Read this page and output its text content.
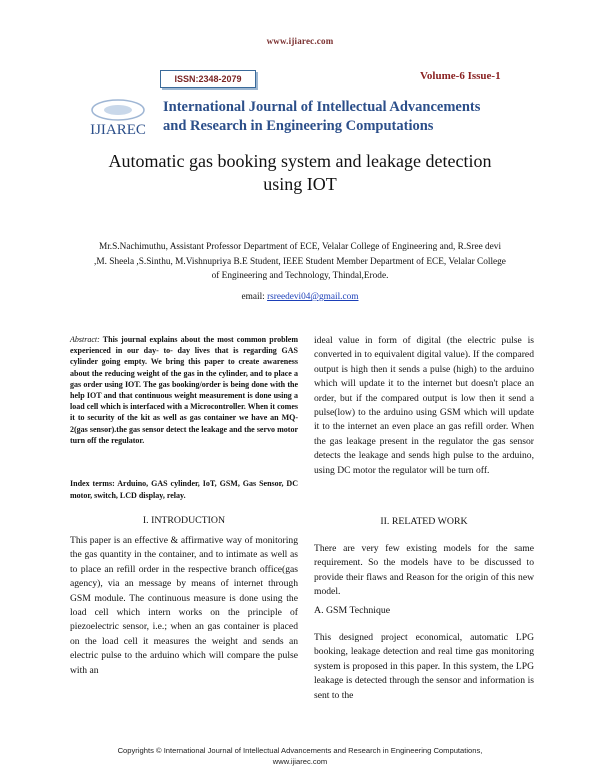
www.ijiarec.com
ISSN:2348-2079	Volume-6 Issue-1
IJIAREC
International Journal of Intellectual Advancements
and Research in Engineering Computations
Automatic gas booking system and leakage detection
using IOT
Mr.S.Nachimuthu, Assistant Professor Department of ECE, Velalar College of Engineering and, R.Sree devi
,M. Sheela ,S.Sinthu, M.Vishnupriya B.E Student, IEEE Student Member Department of ECE, Velalar College
of Engineering and Technology, Thindal,Erode.
email: rsreedevi04@gmail.com
Abstract: This journal explains about the most common problem experienced in our day- to- day lives that is regarding GAS cylinder going empty. We bring this paper to create awareness about the reducing weight of the gas in the cylinder, and to place a gas order using IOT. The gas booking/order is being done with the help IOT and that continuous weight measurement is done using a load cell which is interfaced with a Microcontroller. When it comes it to security of the kit as well as gas container we have an MQ-2(gas sensor).the gas sensor detect the leakage and the servo motor turn off the regulator.
Index terms: Arduino, GAS cylinder, IoT, GSM, Gas Sensor, DC motor, switch, LCD display, relay.
I. INTRODUCTION

This paper is an effective & affirmative way of monitoring the gas quantity in the container, and to intimate as well as to place an refill order in the respective branch office(gas agency), via an message by means of internet through GSM module. The continuous measure is done using the load cell which intern works on the principle of piezoelectric sensor, i.e.; when an gas container is placed on the load cell it measures the weight and sends an electric pulse to the arduino which will compare the pulse with an

ideal value in form of digital (the electric pulse is converted in to equivalent digital value). If the compared output is high then it sends a pulse (high) to the arduino which will update it to the internet but doesn't place an order, but if the compared output is low then it send a pulse(low) to the arduino using GSM which will update it to the internet an even place an gas refill order. When the gas leakage present in the regulator the gas sensor detects the leakage and sends high pulse to the arduino, using DC motor the regulator will be turn off.

II. RELATED WORK

There are very few existing models for the same requirement. So the models have to be discussed to provide their flaws and Reason for the origin of this new model.

A. GSM Technique

This designed project economical, automatic LPG booking, leakage detection and real time gas monitoring system is proposed in this paper. In this system, the LPG leakage is detected through the sensor and information is sent to the

Copyrights © International Journal of Intellectual Advancements and Research in Engineering Computations,
www.ijiarec.com
